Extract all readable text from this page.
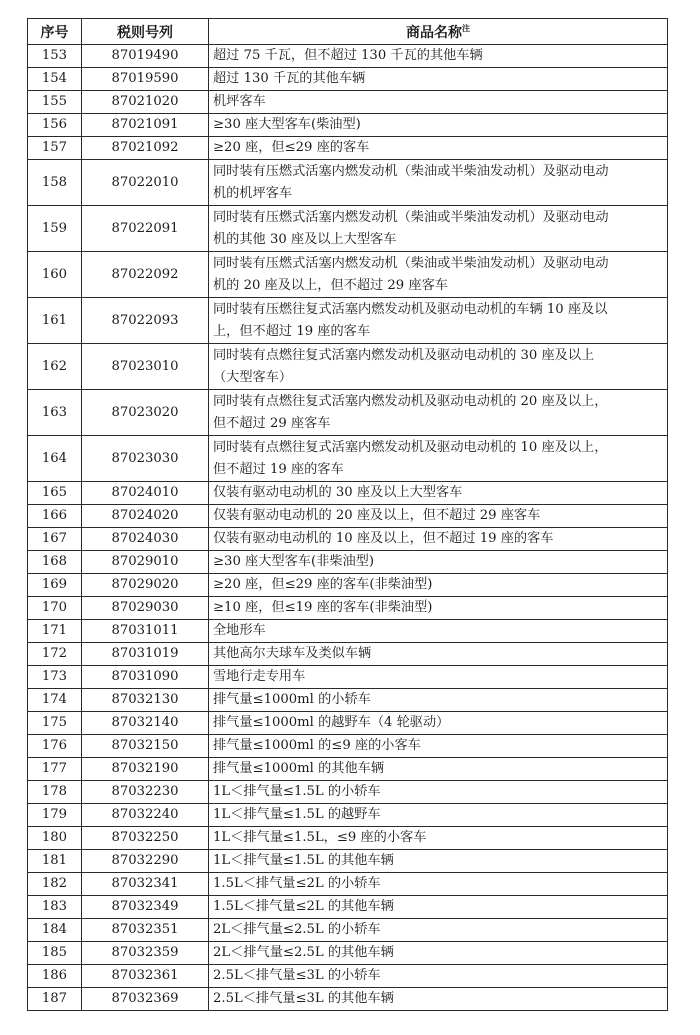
序号	税则号列	商品名称$^注$
153	87019490	超过 75 千瓦，但不超过 130 千瓦的其他车辆

154	87019590	超过 130 千瓦的其他车辆

155	87021020	机坪客车

156	87021091	≥30 座大型客车(柴油型)

157	87021092	≥20 座，但≤29 座的客车

158	87022010	同时装有压燃式活塞内燃发动机（柴油或半柴油发动机）及驱动电动
机的机坪客车

159	87022091	同时装有压燃式活塞内燃发动机（柴油或半柴油发动机）及驱动电动
机的其他 30 座及以上大型客车

160	87022092	同时装有压燃式活塞内燃发动机（柴油或半柴油发动机）及驱动电动
机的 20 座及以上，但不超过 29 座客车

161	87022093	同时装有压燃往复式活塞内燃发动机及驱动电动机的车辆 10 座及以
上，但不超过 19 座的客车

162	87023010	同时装有点燃往复式活塞内燃发动机及驱动电动机的 30 座及以上
（大型客车）

163	87023020	同时装有点燃往复式活塞内燃发动机及驱动电动机的 20 座及以上，
但不超过 29 座客车

164	87023030	同时装有点燃往复式活塞内燃发动机及驱动电动机的 10 座及以上，
但不超过 19 座的客车

165	87024010	仅装有驱动电动机的 30 座及以上大型客车

166	87024020	仅装有驱动电动机的 20 座及以上，但不超过 29 座客车

167	87024030	仅装有驱动电动机的 10 座及以上，但不超过 19 座的客车

168	87029010	≥30 座大型客车(非柴油型)

169	87029020	≥20 座，但≤29 座的客车(非柴油型)

170	87029030	≥10 座，但≤19 座的客车(非柴油型)

171	87031011	全地形车

172	87031019	其他高尔夫球车及类似车辆

173	87031090	雪地行走专用车

174	87032130	排气量≤1000ml 的小轿车

175	87032140	排气量≤1000ml 的越野车（4 轮驱动）

176	87032150	排气量≤1000ml 的≤9 座的小客车

177	87032190	排气量≤1000ml 的其他车辆

178	87032230	1L＜排气量≤1.5L 的小轿车

179	87032240	1L＜排气量≤1.5L 的越野车

180	87032250	1L＜排气量≤1.5L，≤9 座的小客车

181	87032290	1L＜排气量≤1.5L 的其他车辆

182	87032341	1.5L＜排气量≤2L 的小轿车

183	87032349	1.5L＜排气量≤2L 的其他车辆

184	87032351	2L＜排气量≤2.5L 的小轿车

185	87032359	2L＜排气量≤2.5L 的其他车辆

186	87032361	2.5L＜排气量≤3L 的小轿车

187	87032369	2.5L＜排气量≤3L 的其他车辆
